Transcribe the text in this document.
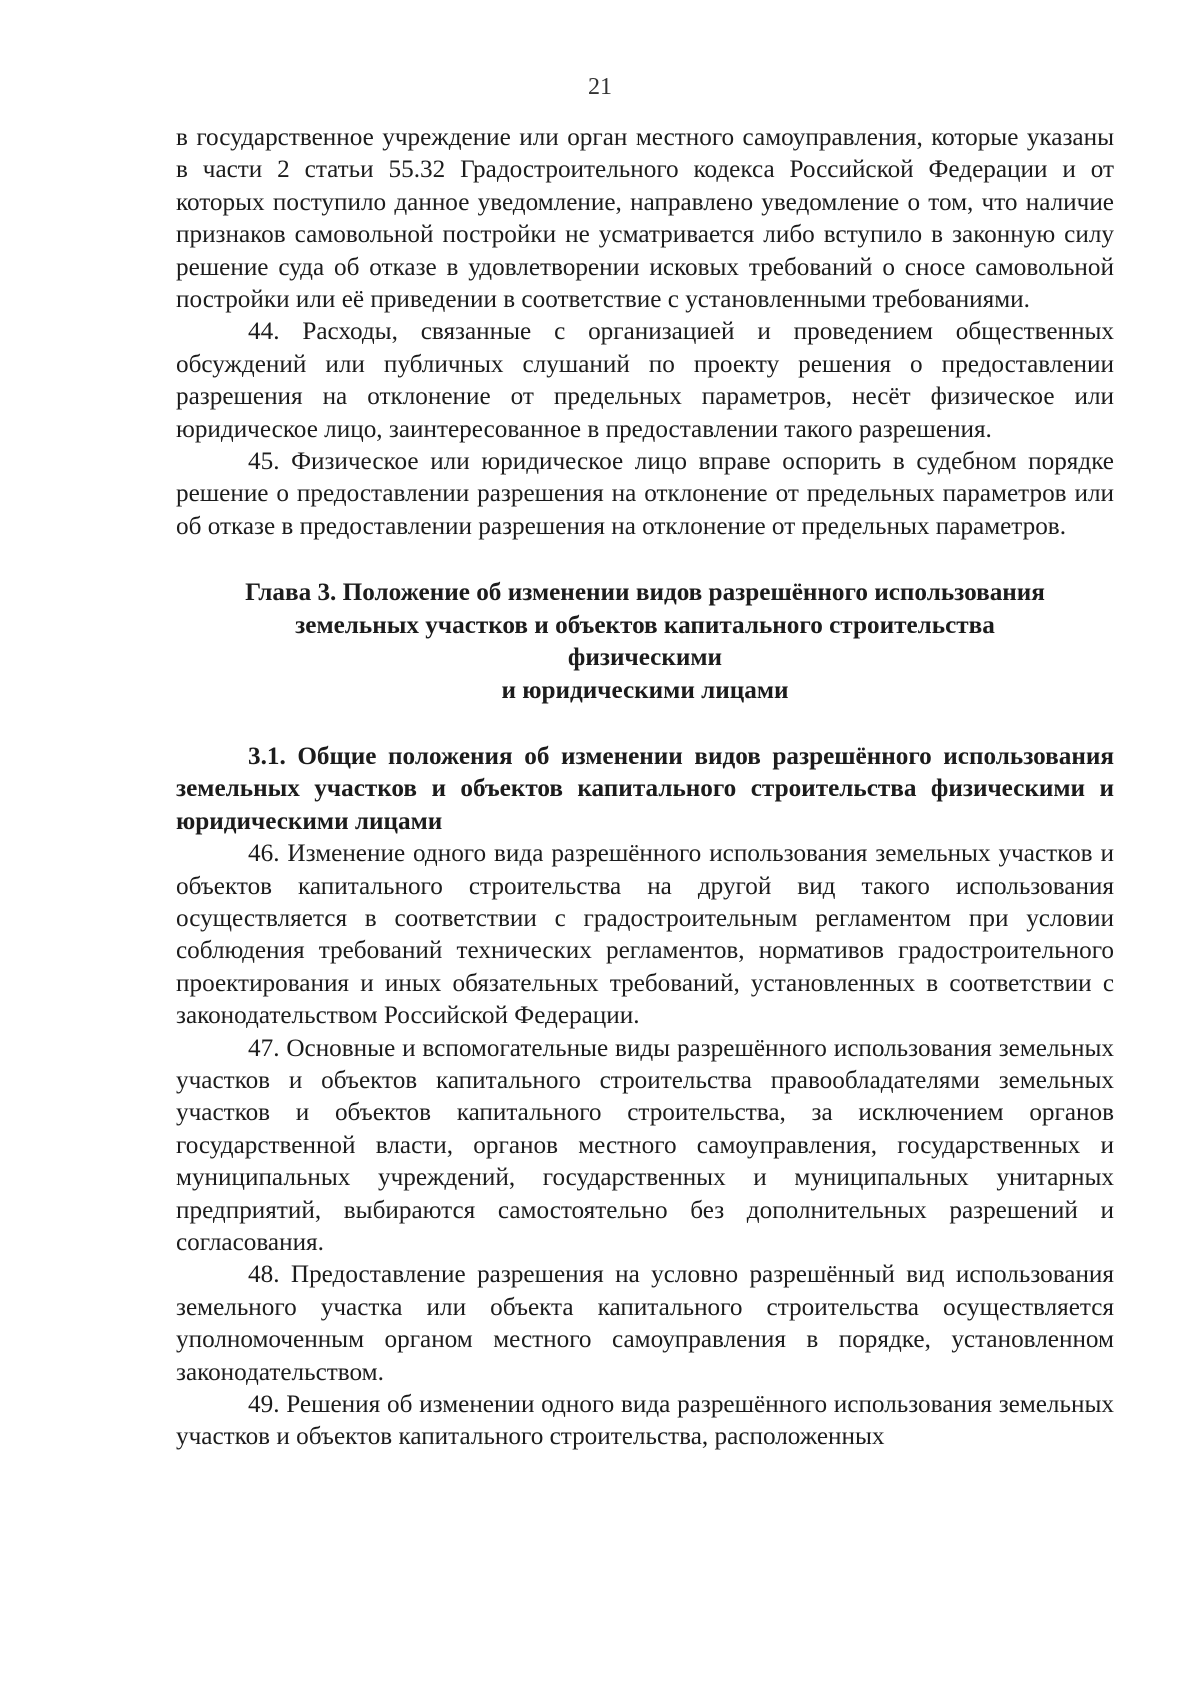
21

в государственное учреждение или орган местного самоуправления, которые указаны в части 2 статьи 55.32 Градостроительного кодекса Российской Федерации и от которых поступило данное уведомление, направлено уведомление о том, что наличие признаков самовольной постройки не усматривается либо вступило в законную силу решение суда об отказе в удовлетворении исковых требований о сносе самовольной постройки или её приведении в соответствие с установленными требованиями.

44. Расходы, связанные с организацией и проведением общественных обсуждений или публичных слушаний по проекту решения о предоставлении разрешения на отклонение от предельных параметров, несёт физическое или юридическое лицо, заинтересованное в предоставлении такого разрешения.

45. Физическое или юридическое лицо вправе оспорить в судебном порядке решение о предоставлении разрешения на отклонение от предельных параметров или об отказе в предоставлении разрешения на отклонение от предельных параметров.

Глава 3. Положение об изменении видов разрешённого использования
земельных участков и объектов капитального строительства
физическими
и юридическими лицами

3.1. Общие положения об изменении видов разрешённого использования земельных участков и объектов капитального строительства физическими и юридическими лицами

46. Изменение одного вида разрешённого использования земельных участков и объектов капитального строительства на другой вид такого использования осуществляется в соответствии с градостроительным регламентом при условии соблюдения требований технических регламентов, нормативов градостроительного проектирования и иных обязательных требований, установленных в соответствии с законодательством Российской Федерации.

47. Основные и вспомогательные виды разрешённого использования земельных участков и объектов капитального строительства правообладателями земельных участков и объектов капитального строительства, за исключением органов государственной власти, органов местного самоуправления, государственных и муниципальных учреждений, государственных и муниципальных унитарных предприятий, выбираются самостоятельно без дополнительных разрешений и согласования.

48. Предоставление разрешения на условно разрешённый вид использования земельного участка или объекта капитального строительства осуществляется уполномоченным органом местного самоуправления в порядке, установленном законодательством.

49. Решения об изменении одного вида разрешённого использования земельных участков и объектов капитального строительства, расположенных
